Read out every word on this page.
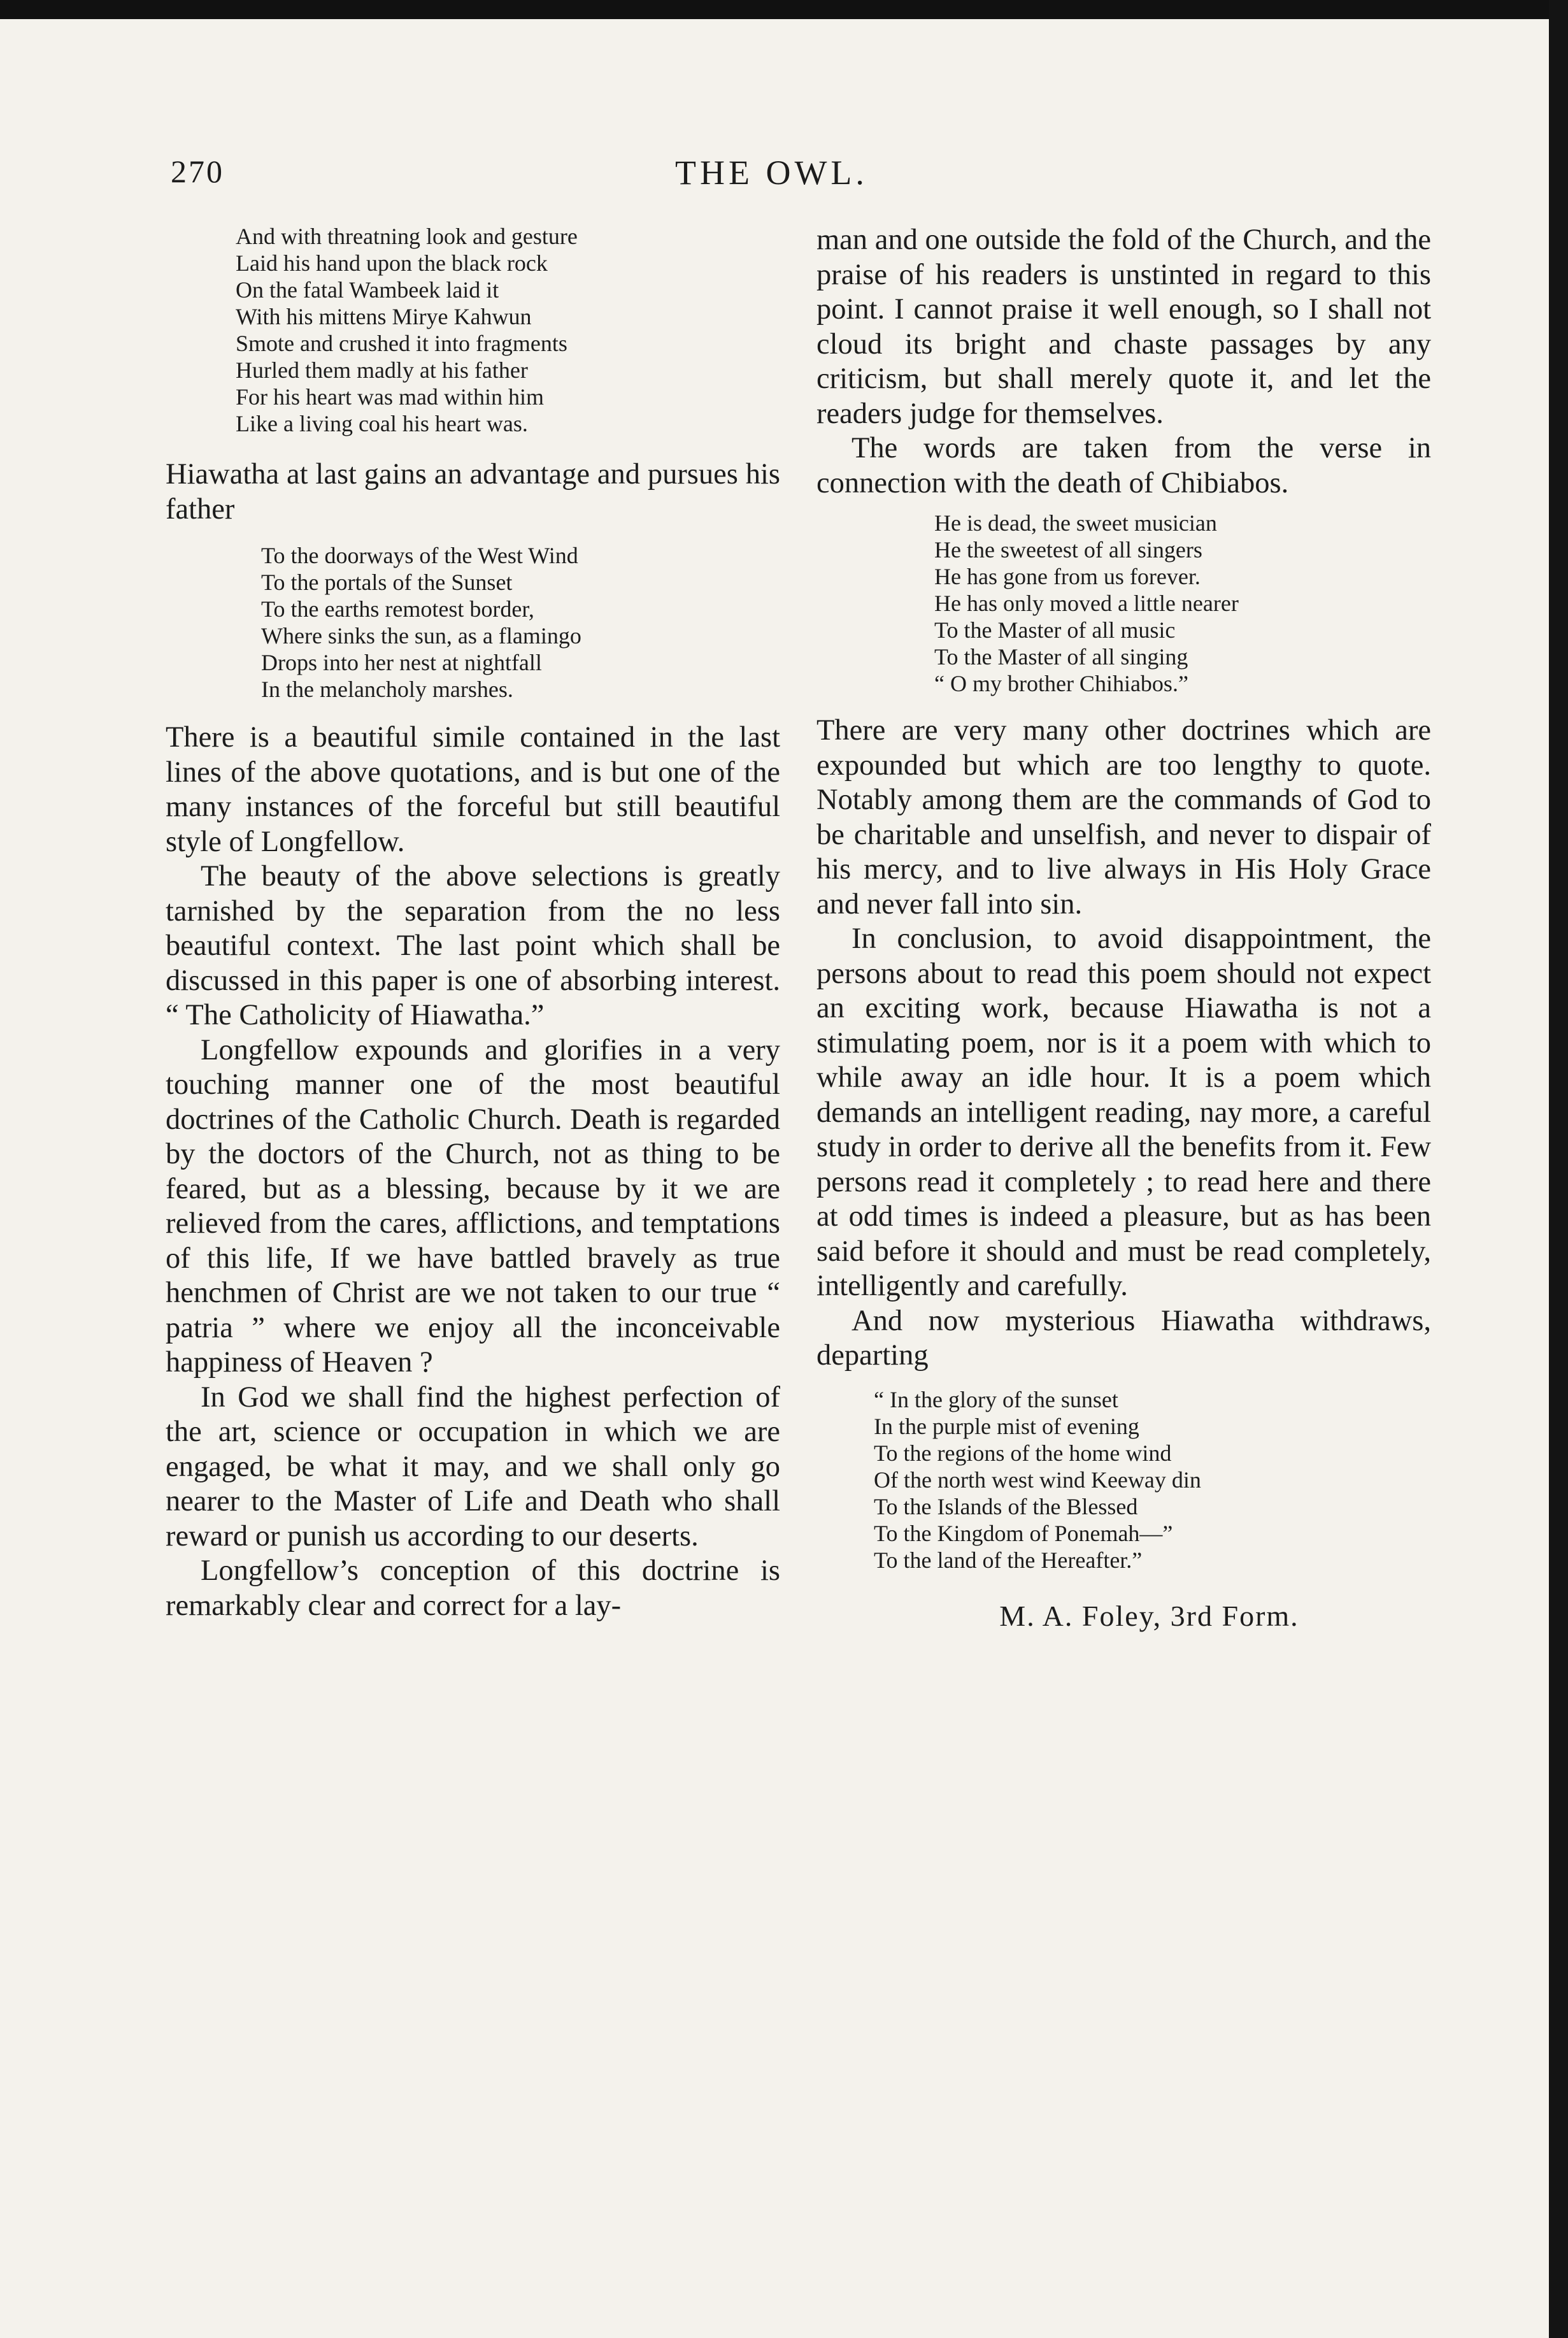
270	THE OWL.
And with threatning look and gesture
Laid his hand upon the black rock
On the fatal Wambeek laid it
With his mittens Mirye Kahwun
Smote and crushed it into fragments
Hurled them madly at his father
For his heart was mad within him
Like a living coal his heart was.

Hiawatha at last gains an advantage and pursues his father

To the doorways of the West Wind
To the portals of the Sunset
To the earths remotest border,
Where sinks the sun, as a flamingo
Drops into her nest at nightfall
In the melancholy marshes.

There is a beautiful simile contained in the last lines of the above quotations, and is but one of the many instances of the forceful but still beautiful style of Longfellow.

The beauty of the above selections is greatly tarnished by the separation from the no less beautiful context. The last point which shall be discussed in this paper is one of absorbing interest. “ The Catholicity of Hiawatha.”

Longfellow expounds and glorifies in a very touching manner one of the most beautiful doctrines of the Catholic Church. Death is regarded by the doctors of the Church, not as thing to be feared, but as a blessing, because by it we are relieved from the cares, afflictions, and temptations of this life, If we have battled bravely as true henchmen of Christ are we not taken to our true “ patria ” where we enjoy all the inconceivable happiness of Heaven ?

In God we shall find the highest perfection of the art, science or occupation in which we are engaged, be what it may, and we shall only go nearer to the Master of Life and Death who shall reward or punish us according to our deserts.

Longfellow’s conception of this doctrine is remarkably clear and correct for a lay-

man and one outside the fold of the Church, and the praise of his readers is unstinted in regard to this point. I cannot praise it well enough, so I shall not cloud its bright and chaste passages by any criticism, but shall merely quote it, and let the readers judge for themselves.

The words are taken from the verse in connection with the death of Chibiabos.

He is dead, the sweet musician
He the sweetest of all singers
He has gone from us forever.
He has only moved a little nearer
To the Master of all music
To the Master of all singing
“ O my brother Chihiabos.”

There are very many other doctrines which are expounded but which are too lengthy to quote. Notably among them are the commands of God to be charitable and unselfish, and never to dispair of his mercy, and to live always in His Holy Grace and never fall into sin.

In conclusion, to avoid disappointment, the persons about to read this poem should not expect an exciting work, because Hiawatha is not a stimulating poem, nor is it a poem with which to while away an idle hour. It is a poem which demands an intelligent reading, nay more, a careful study in order to derive all the benefits from it. Few persons read it completely ; to read here and there at odd times is indeed a pleasure, but as has been said before it should and must be read completely, intelligently and carefully.

And now mysterious Hiawatha withdraws, departing

“ In the glory of the sunset
In the purple mist of evening
To the regions of the home wind
Of the north west wind Keeway din
To the Islands of the Blessed
To the Kingdom of Ponemah—”
To the land of the Hereafter.”
M. A. Foley, 3rd Form.
